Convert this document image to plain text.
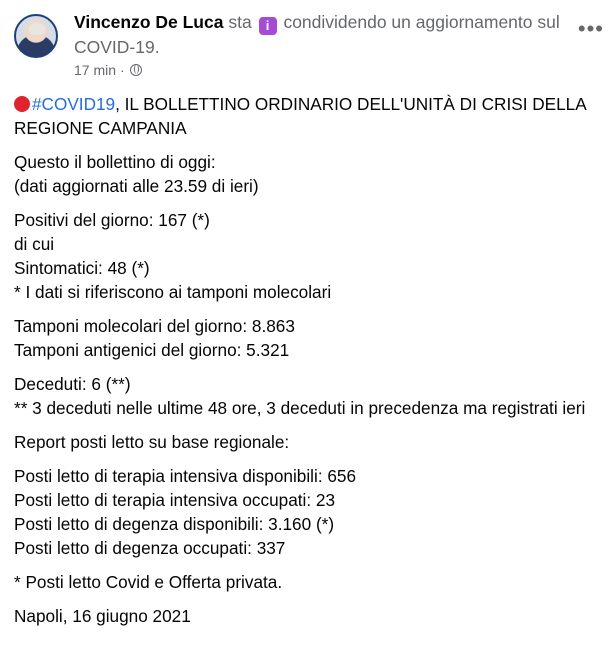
Vincenzo De Luca sta i condividendo un aggiornamento sul COVID-19.
17 min ·
•••

#COVID19, IL BOLLETTINO ORDINARIO DELL'UNITÀ DI CRISI DELLA REGIONE CAMPANIA

Questo il bollettino di oggi:
(dati aggiornati alle 23.59 di ieri)

Positivi del giorno: 167 (*)
di cui
Sintomatici: 48 (*)
* I dati si riferiscono ai tamponi molecolari

Tamponi molecolari del giorno: 8.863
Tamponi antigenici del giorno: 5.321

Deceduti: 6 (**)
** 3 deceduti nelle ultime 48 ore, 3 deceduti in precedenza ma registrati ieri

Report posti letto su base regionale:

Posti letto di terapia intensiva disponibili: 656
Posti letto di terapia intensiva occupati: 23
Posti letto di degenza disponibili: 3.160 (*)
Posti letto di degenza occupati: 337

* Posti letto Covid e Offerta privata.

Napoli, 16 giugno 2021
